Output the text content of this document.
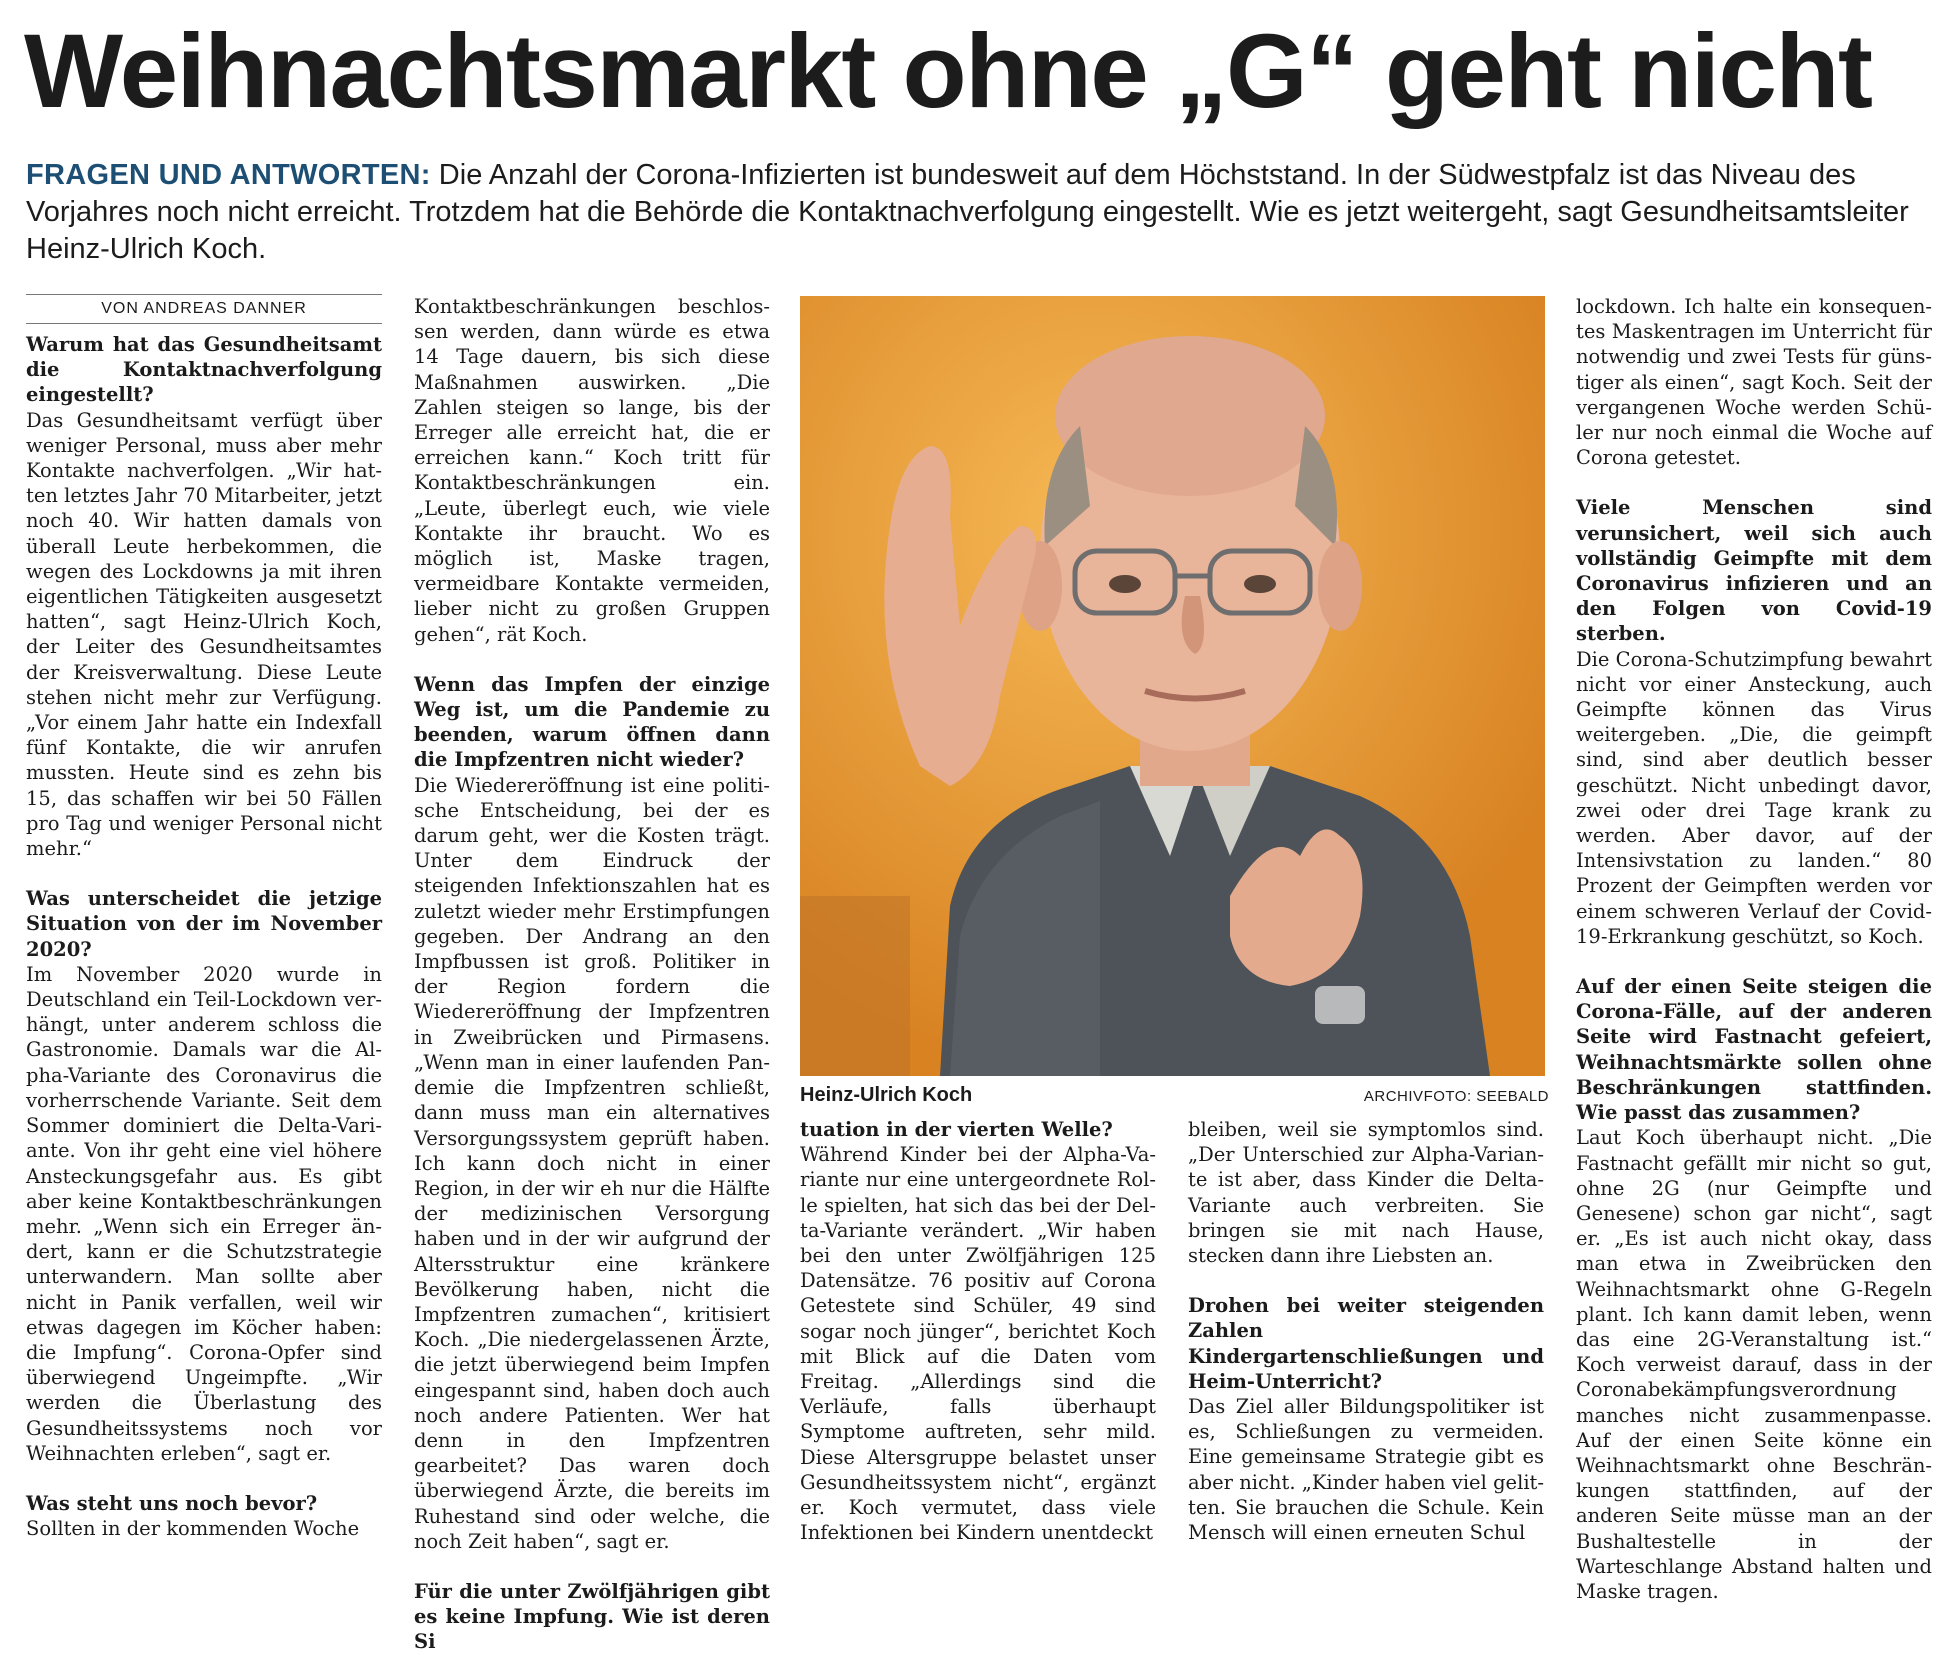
Weihnachtsmarkt ohne „G“ geht nicht

FRAGEN UND ANTWORTEN: Die Anzahl der Corona-Infizierten ist bundesweit auf dem Höchststand. In der Südwestpfalz ist das Niveau des Vorjahres noch nicht erreicht. Trotzdem hat die Behörde die Kontaktnachverfolgung eingestellt. Wie es jetzt weitergeht, sagt Gesundheitsamtsleiter Heinz-Ulrich Koch.

VON ANDREAS DANNER
Warum hat das Gesundheitsamt die Kontaktnachverfolgung eingestellt?

Das Gesundheitsamt verfügt über weniger Personal, muss aber mehr Kontakte nachverfolgen. „Wir hatten letztes Jahr 70 Mitarbeiter, jetzt noch 40. Wir hatten damals von überall Leute herbekommen, die wegen des Lockdowns ja mit ihren eigentlichen Tätigkeiten ausgesetzt hatten“, sagt Heinz-Ulrich Koch, der Leiter des Gesundheitsamtes der Kreisverwaltung. Diese Leute stehen nicht mehr zur Verfügung. „Vor einem Jahr hatte ein Indexfall fünf Kontakte, die wir anrufen mussten. Heute sind es zehn bis 15, das schaffen wir bei 50 Fällen pro Tag und weniger Personal nicht mehr.“

Was unterscheidet die jetzige Situation von der im November 2020?

Im November 2020 wurde in Deutschland ein Teil-Lockdown verhängt, unter anderem schloss die Gastronomie. Damals war die Alpha-Variante des Coronavirus die vorherrschende Variante. Seit dem Sommer dominiert die Delta-Variante. Von ihr geht eine viel höhere Ansteckungsgefahr aus. Es gibt aber keine Kontaktbeschränkungen mehr. „Wenn sich ein Erreger ändert, kann er die Schutzstrategie unterwandern. Man sollte aber nicht in Panik verfallen, weil wir etwas dagegen im Köcher haben: die Impfung“. Corona-Opfer sind überwiegend Ungeimpfte. „Wir werden die Überlastung des Gesundheitssystems noch vor Weihnachten erleben“, sagt er.

Was steht uns noch bevor?

Sollten in der kommenden Woche

Kontaktbeschränkungen beschlossen werden, dann würde es etwa 14 Tage dauern, bis sich diese Maßnahmen auswirken. „Die Zahlen steigen so lange, bis der Erreger alle erreicht hat, die er erreichen kann.“ Koch tritt für Kontaktbeschränkungen ein. „Leute, überlegt euch, wie viele Kontakte ihr braucht. Wo es möglich ist, Maske tragen, vermeidbare Kontakte vermeiden, lieber nicht zu großen Gruppen gehen“, rät Koch.

Wenn das Impfen der einzige Weg ist, um die Pandemie zu beenden, warum öffnen dann die Impfzentren nicht wieder?

Die Wiedereröffnung ist eine politische Entscheidung, bei der es darum geht, wer die Kosten trägt. Unter dem Eindruck der steigenden Infektionszahlen hat es zuletzt wieder mehr Erstimpfungen gegeben. Der Andrang an den Impfbussen ist groß. Politiker in der Region fordern die Wiedereröffnung der Impfzentren in Zweibrücken und Pirmasens. „Wenn man in einer laufenden Pandemie die Impfzentren schließt, dann muss man ein alternatives Versorgungssystem geprüft haben. Ich kann doch nicht in einer Region, in der wir eh nur die Hälfte der medizinischen Versorgung haben und in der wir aufgrund der Altersstruktur eine kränkere Bevölkerung haben, nicht die Impfzentren zumachen“, kritisiert Koch. „Die niedergelassenen Ärzte, die jetzt überwiegend beim Impfen eingespannt sind, haben doch auch noch andere Patienten. Wer hat denn in den Impfzentren gearbeitet? Das waren doch überwiegend Ärzte, die bereits im Ruhestand sind oder welche, die noch Zeit haben“, sagt er.

Für die unter Zwölfjährigen gibt es keine Impfung. Wie ist deren Si
Heinz-Ulrich Koch	ARCHIVFOTO: SEEBALD
tuation in der vierten Welle?

Während Kinder bei der Alpha-Variante nur eine untergeordnete Rolle spielten, hat sich das bei der Delta-Variante verändert. „Wir haben bei den unter Zwölfjährigen 125 Datensätze. 76 positiv auf Corona Getestete sind Schüler, 49 sind sogar noch jünger“, berichtet Koch mit Blick auf die Daten vom Freitag. „Allerdings sind die Verläufe, falls überhaupt Symptome auftreten, sehr mild. Diese Altersgruppe belastet unser Gesundheitssystem nicht“, ergänzt er. Koch vermutet, dass viele Infektionen bei Kindern unentdeckt

bleiben, weil sie symptomlos sind. „Der Unterschied zur Alpha-Variante ist aber, dass Kinder die Delta-Variante auch verbreiten. Sie bringen sie mit nach Hause, stecken dann ihre Liebsten an.

Drohen bei weiter steigenden Zahlen Kindergartenschließungen und Heim-Unterricht?

Das Ziel aller Bildungspolitiker ist es, Schließungen zu vermeiden. Eine gemeinsame Strategie gibt es aber nicht. „Kinder haben viel gelitten. Sie brauchen die Schule. Kein Mensch will einen erneuten Schul

lockdown. Ich halte ein konsequentes Maskentragen im Unterricht für notwendig und zwei Tests für günstiger als einen“, sagt Koch. Seit der vergangenen Woche werden Schüler nur noch einmal die Woche auf Corona getestet.

Viele Menschen sind verunsichert, weil sich auch vollständig Geimpfte mit dem Coronavirus infizieren und an den Folgen von Covid-19 sterben.

Die Corona-Schutzimpfung bewahrt nicht vor einer Ansteckung, auch Geimpfte können das Virus weitergeben. „Die, die geimpft sind, sind aber deutlich besser geschützt. Nicht unbedingt davor, zwei oder drei Tage krank zu werden. Aber davor, auf der Intensivstation zu landen.“ 80 Prozent der Geimpften werden vor einem schweren Verlauf der Covid-19-Erkrankung geschützt, so Koch.

Auf der einen Seite steigen die Corona-Fälle, auf der anderen Seite wird Fastnacht gefeiert, Weihnachtsmärkte sollen ohne Beschränkungen stattfinden. Wie passt das zusammen?

Laut Koch überhaupt nicht. „Die Fastnacht gefällt mir nicht so gut, ohne 2G (nur Geimpfte und Genesene) schon gar nicht“, sagt er. „Es ist auch nicht okay, dass man etwa in Zweibrücken den Weihnachtsmarkt ohne G-Regeln plant. Ich kann damit leben, wenn das eine 2G-Veranstaltung ist.“ Koch verweist darauf, dass in der Coronabekämpfungsverordnung manches nicht zusammenpasse. Auf der einen Seite könne ein Weihnachtsmarkt ohne Beschränkungen stattfinden, auf der anderen Seite müsse man an der Bushaltestelle in der Warteschlange Abstand halten und Maske tragen.
